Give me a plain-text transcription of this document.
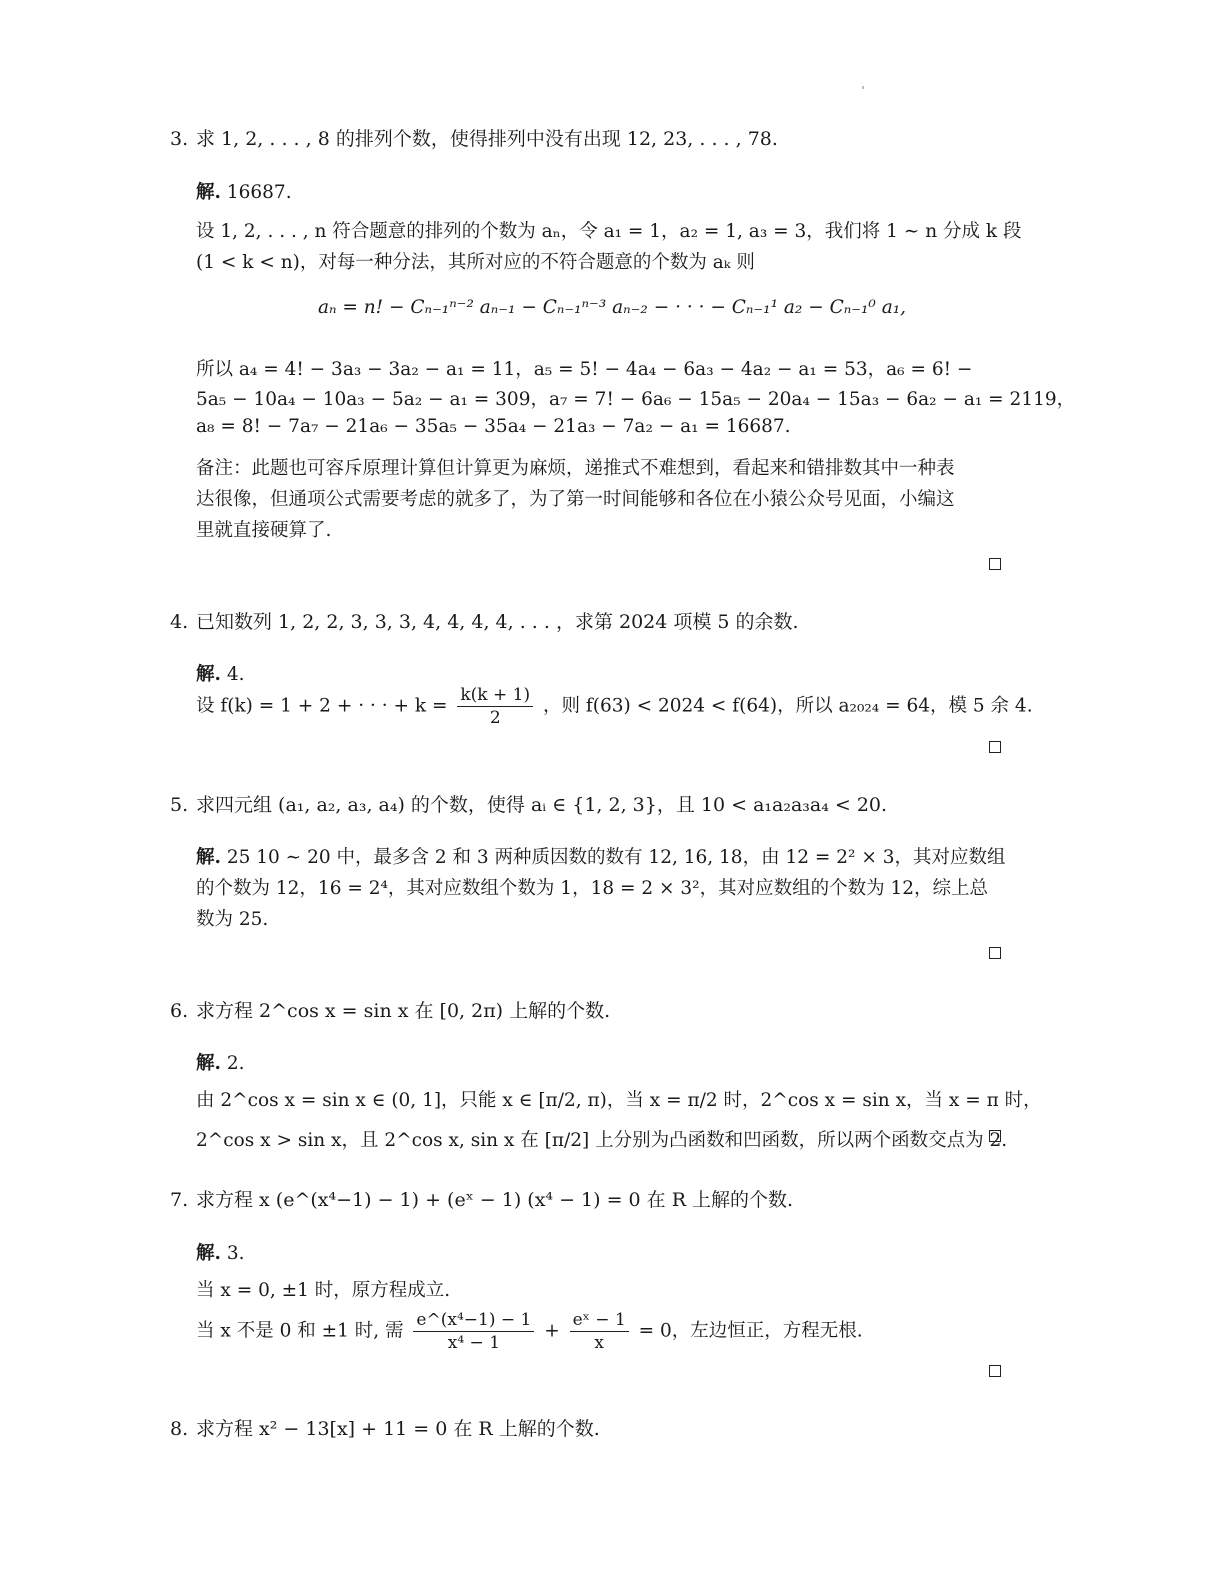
3. 求 1, 2, . . . , 8 的排列个数，使得排列中没有出现 12, 23, . . . , 78.
解. 16687.
设 1, 2, . . . , n 符合题意的排列的个数为 aₙ，令 a₁ = 1，a₂ = 1, a₃ = 3，我们将 1 ∼ n 分成 k 段
(1 < k < n)，对每一种分法，其所对应的不符合题意的个数为 aₖ 则
aₙ = n! − Cₙ₋₁ⁿ⁻² aₙ₋₁ − Cₙ₋₁ⁿ⁻³ aₙ₋₂ − · · · − Cₙ₋₁¹ a₂ − Cₙ₋₁⁰ a₁,
所以 a₄ = 4! − 3a₃ − 3a₂ − a₁ = 11，a₅ = 5! − 4a₄ − 6a₃ − 4a₂ − a₁ = 53，a₆ = 6! −
5a₅ − 10a₄ − 10a₃ − 5a₂ − a₁ = 309，a₇ = 7! − 6a₆ − 15a₅ − 20a₄ − 15a₃ − 6a₂ − a₁ = 2119，
a₈ = 8! − 7a₇ − 21a₆ − 35a₅ − 35a₄ − 21a₃ − 7a₂ − a₁ = 16687.
备注：此题也可容斥原理计算但计算更为麻烦，递推式不难想到，看起来和错排数其中一种表
达很像，但通项公式需要考虑的就多了，为了第一时间能够和各位在小猿公众号见面，小编这
里就直接硬算了.
4. 已知数列 1, 2, 2, 3, 3, 3, 4, 4, 4, 4, . . . ，求第 2024 项模 5 的余数.
解. 4.
设 f(k) = 1 + 2 + · · · + $k = \frac{k(k + 1)}{2}$ ，则 f(63) < 2024 < f(64)，所以 a₂₀₂₄ = 64，模 5 余 4.
5. 求四元组 (a₁, a₂, a₃, a₄) 的个数，使得 aᵢ ∈ {1, 2, 3}，且 10 < a₁a₂a₃a₄ < 20.
解. 25 10 ∼ 20 中，最多含 2 和 3 两种质因数的数有 12, 16, 18，由 12 = 2² × 3，其对应数组
的个数为 12，16 = 2⁴，其对应数组个数为 1，18 = 2 × 3²，其对应数组的个数为 12，综上总
数为 25.
6. 求方程 2^cos x = sin x 在 [0, 2π) 上解的个数.
解. 2.
由 2^cos x = sin x ∈ (0, 1]，只能 x ∈ [π/2, π)，当 x = π/2 时，2^cos x = sin x，当 x = π 时，
2^cos x > sin x，且 2^cos x, sin x 在 [π/2] 上分别为凸函数和凹函数，所以两个函数交点为 2.
7. 求方程 x (e^(x⁴−1) − 1) + (eˣ − 1) (x⁴ − 1) = 0 在 R 上解的个数.
解. 3.
当 x = 0, ±1 时，原方程成立.
当 x 不是 0 和 ±1 时, 需 $\frac{\text{e\textasciicircum{}(x⁴−1) − 1}}{\text{x⁴ − 1}} + \frac{\text{eˣ − 1}}{x} = 0$，左边恒正，方程无根.
8. 求方程 x² − 13[x] + 11 = 0 在 R 上解的个数.
